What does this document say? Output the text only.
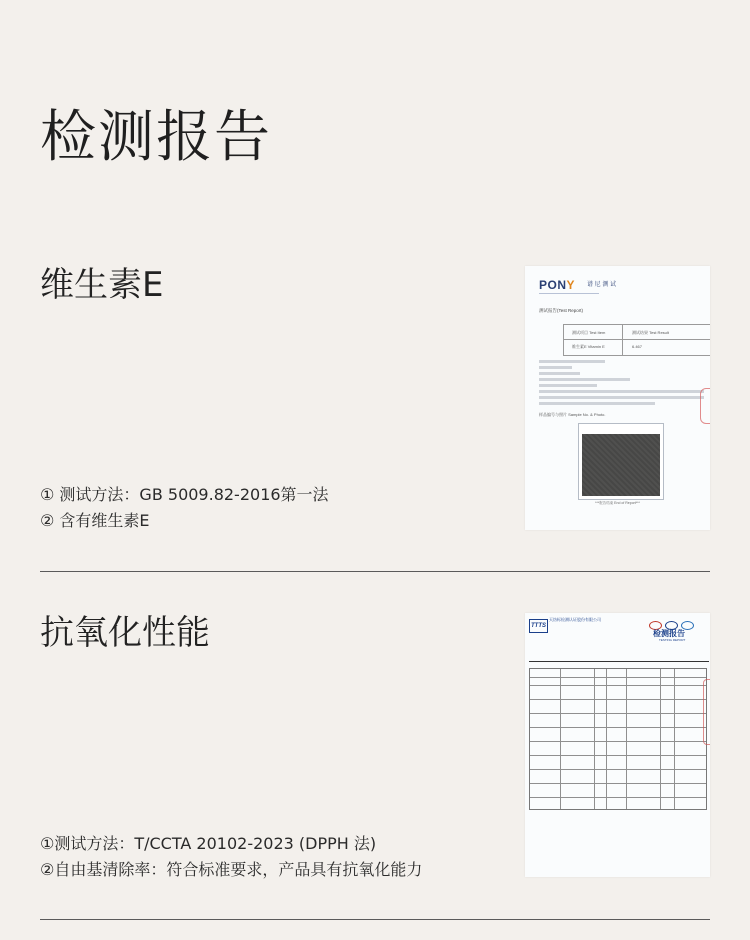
检测报告
维生素E
① 测试方法：GB 5009.82-2016第一法
② 含有维生素E
PONY 谱 尼 测 试
测试报告(Test Report)
测试项目 Test Item	测试结果 Test Result
维生素E Vitamin E	6.467
样品编号与照片 Sample No. & Photo.
***报告结束 End of Report***
抗氧化性能
①测试方法：T/CCTA 20102-2023 (DPPH 法)
②自由基清除率：符合标准要求，产品具有抗氧化能力
TTTS
天纺标检测认证股份有限公司
检测报告
TESTING REPORT
